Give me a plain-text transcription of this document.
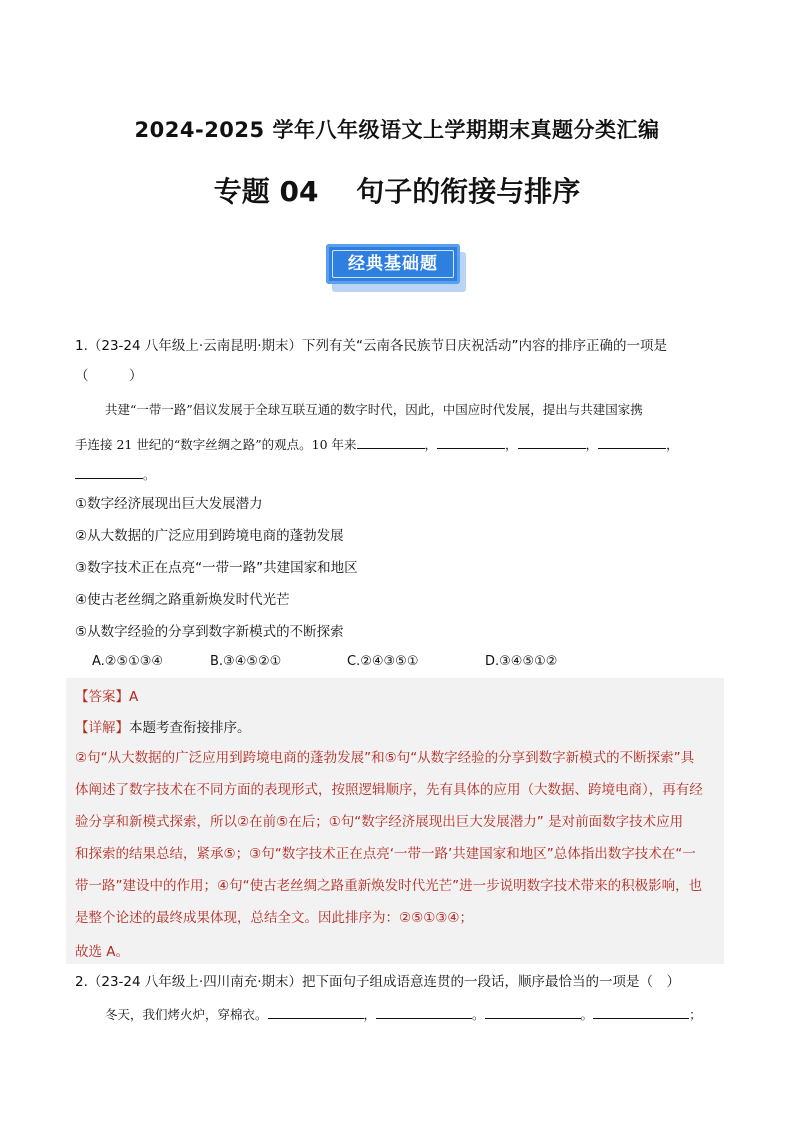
2024-2025 学年八年级语文上学期期末真题分类汇编
专题 04　 句子的衔接与排序
经典基础题
1.（23-24 八年级上·云南昆明·期末）下列有关“云南各民族节日庆祝活动”内容的排序正确的一项是
（　　　）
共建“一带一路”倡议发展于全球互联互通的数字时代，因此，中国应时代发展，提出与共建国家携
手连接 21 世纪的“数字丝绸之路”的观点。10 年来	，	，	，	，
。
①数字经济展现出巨大发展潜力
②从大数据的广泛应用到跨境电商的蓬勃发展
③数字技术正在点亮“一带一路”共建国家和地区
④使古老丝绸之路重新焕发时代光芒
⑤从数字经验的分享到数字新模式的不断探索
A.②⑤①③④	B.③④⑤②①	C.②④③⑤①	D.③④⑤①②
【答案】A
【详解】本题考查衔接排序。
②句“从大数据的广泛应用到跨境电商的蓬勃发展”和⑤句“从数字经验的分享到数字新模式的不断探索”具
体阐述了数字技术在不同方面的表现形式，按照逻辑顺序，先有具体的应用（大数据、跨境电商），再有经
验分享和新模式探索，所以②在前⑤在后；①句“数字经济展现出巨大发展潜力” 是对前面数字技术应用
和探索的结果总结，紧承⑤；③句“数字技术正在点亮‘一带一路’共建国家和地区”总体指出数字技术在“一
带一路”建设中的作用；④句“使古老丝绸之路重新焕发时代光芒”进一步说明数字技术带来的积极影响，也
是整个论述的最终成果体现，总结全文。因此排序为：②⑤①③④；
故选 A。
2.（23-24 八年级上·四川南充·期末）把下面句子组成语意连贯的一段话，顺序最恰当的一项是（　）
冬天，我们烤火炉，穿棉衣。	，	。	。	；
